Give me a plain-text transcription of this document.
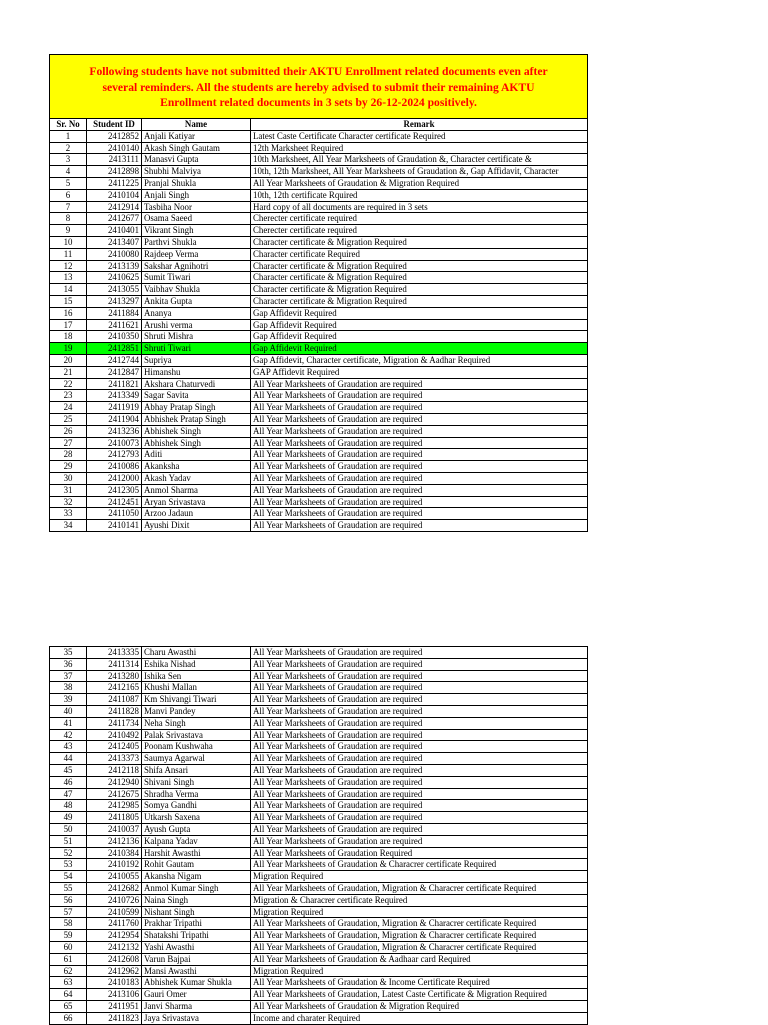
Following students have not submitted their AKTU Enrollment related documents even after
several reminders. All the students are hereby advised to submit their remaining AKTU
Enrollment related documents in 3 sets by 26-12-2024 positively.
Sr. No	Student ID	Name	Remark
1	2412852	Anjali Katiyar	Latest Caste Certificate Character certificate Required
2	2410140	Akash Singh Gautam	12th Marksheet Required
3	2413111	Manasvi Gupta	10th Marksheet, All Year Marksheets of Graudation &, Character certificate &
4	2412898	Shubhi Malviya	10th, 12th Marksheet, All Year Marksheets of Graudation &, Gap Affidavit, Character
5	2411225	Pranjal Shukla	All Year Marksheets of Graudation & Migration Required
6	2410104	Anjali Singh	10th, 12th certificate Rquired
7	2412914	Tasbiha Noor	Hard copy of all documents are required in 3 sets
8	2412677	Osama Saeed	Cherecter certificate required
9	2410401	Vikrant Singh	Cherecter certificate required
10	2413407	Parthvi Shukla	Character certificate & Migration Required
11	2410080	Rajdeep Verma	Character certificate Required
12	2413139	Sakshar Agnihotri	Character certificate & Migration Required
13	2410625	Sumit Tiwari	Character certificate & Migration Required
14	2413055	Vaibhav Shukla	Character certificate & Migration Required
15	2413297	Ankita Gupta	Character certificate & Migration Required
16	2411884	Ananya	Gap Affidevit Required
17	2411621	Arushi verma	Gap Affidevit Required
18	2410350	Shruti Mishra	Gap Affidevit Required
19	2412851	Shruti Tiwari	Gap Affidevit Required
20	2412744	Supriya	Gap Affidevit, Character certificate, Migration & Aadhar Required
21	2412847	Himanshu	GAP Affidevit Required
22	2411821	Akshara Chaturvedi	All Year Marksheets of Graudation are required
23	2413349	Sagar Savita	All Year Marksheets of Graudation are required
24	2411919	Abhay Pratap Singh	All Year Marksheets of Graudation are required
25	2411904	Abhishek Pratap Singh	All Year Marksheets of Graudation are required
26	2413236	Abhishek Singh	All Year Marksheets of Graudation are required
27	2410073	Abhishek Singh	All Year Marksheets of Graudation are required
28	2412793	Aditi	All Year Marksheets of Graudation are required
29	2410086	Akanksha	All Year Marksheets of Graudation are required
30	2412000	Akash Yadav	All Year Marksheets of Graudation are required
31	2412305	Anmol Sharma	All Year Marksheets of Graudation are required
32	2412451	Aryan Srivastava	All Year Marksheets of Graudation are required
33	2411050	Arzoo Jadaun	All Year Marksheets of Graudation are required
34	2410141	Ayushi Dixit	All Year Marksheets of Graudation are required
35	2413335	Charu Awasthi	All Year Marksheets of Graudation are required
36	2411314	Eshika Nishad	All Year Marksheets of Graudation are required
37	2413280	Ishika Sen	All Year Marksheets of Graudation are required
38	2412165	Khushi Mallan	All Year Marksheets of Graudation are required
39	2411087	Km Shivangi Tiwari	All Year Marksheets of Graudation are required
40	2411828	Manvi Pandey	All Year Marksheets of Graudation are required
41	2411734	Neha Singh	All Year Marksheets of Graudation are required
42	2410492	Palak Srivastava	All Year Marksheets of Graudation are required
43	2412405	Poonam Kushwaha	All Year Marksheets of Graudation are required
44	2413373	Saumya Agarwal	All Year Marksheets of Graudation are required
45	2412118	Shifa Ansari	All Year Marksheets of Graudation are required
46	2412940	Shivani Singh	All Year Marksheets of Graudation are required
47	2412675	Shradha Verma	All Year Marksheets of Graudation are required
48	2412985	Somya Gandhi	All Year Marksheets of Graudation are required
49	2411805	Utkarsh Saxena	All Year Marksheets of Graudation are required
50	2410037	Ayush Gupta	All Year Marksheets of Graudation are required
51	2412136	Kalpana Yadav	All Year Marksheets of Graudation are required
52	2410384	Harshit Awasthi	All Year Marksheets of Graudation Required
53	2410192	Rohit Gautam	All Year Marksheets of Graudation & Characrer certificate Required
54	2410055	Akansha Nigam	Migration Required
55	2412682	Anmol Kumar Singh	All Year Marksheets of Graudation, Migration & Characrer certificate Required
56	2410726	Naina Singh	Migration & Characrer certificate Required
57	2410599	Nishant Singh	Migration Required
58	2411760	Prakhar Tripathi	All Year Marksheets of Graudation, Migration & Characrer certificate Required
59	2412954	Shatakshi Tripathi	All Year Marksheets of Graudation, Migration & Characrer certificate Required
60	2412132	Yashi Awasthi	All Year Marksheets of Graudation, Migration & Characrer certificate Required
61	2412608	Varun Bajpai	All Year Marksheets of Graudation & Aadhaar card Required
62	2412962	Mansi Awasthi	Migration Required
63	2410183	Abhishek Kumar Shukla	All Year Marksheets of Graudation & Income Certificate Required
64	2413106	Gauri Omer	All Year Marksheets of Graudation, Latest Caste Certificate & Migration Required
65	2411951	Janvi Sharma	All Year Marksheets of Graudation & Migration Required
66	2411823	Jaya Srivastava	Income and charater Required
